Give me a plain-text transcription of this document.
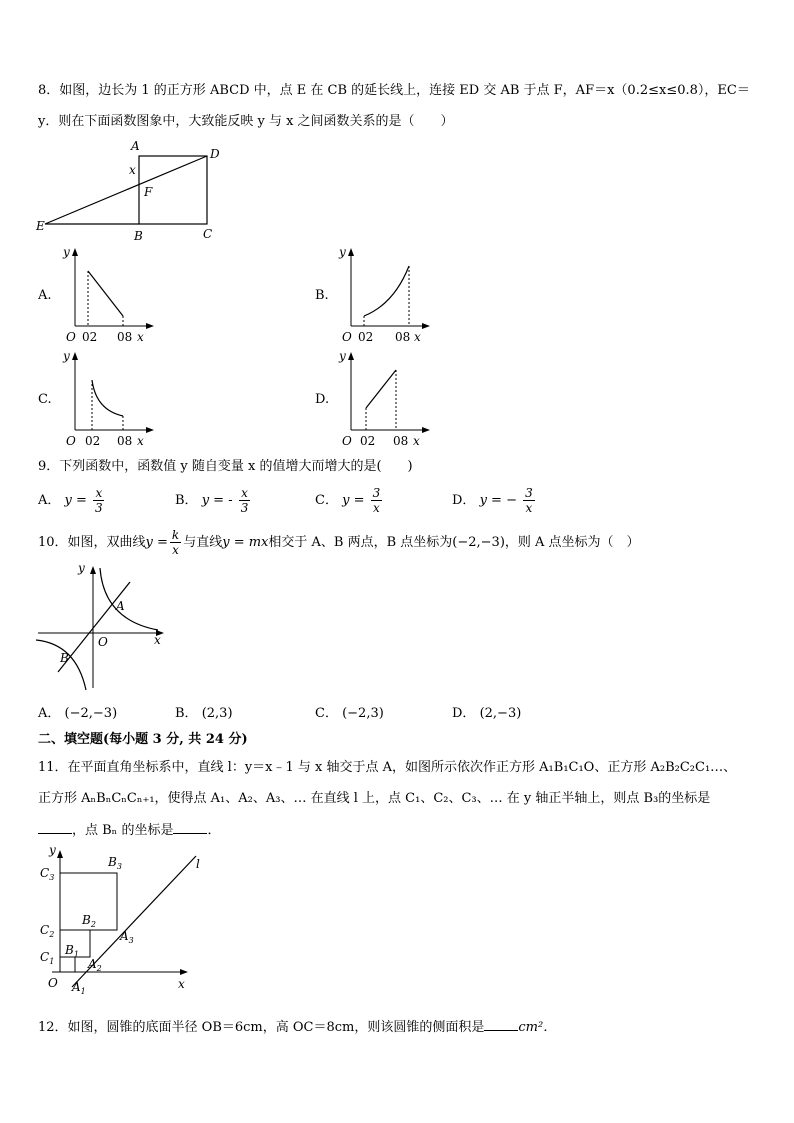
8．如图，边长为 1 的正方形 ABCD 中，点 E 在 CB 的延长线上，连接 ED 交 AB 于点 F，AF＝x（0.2≤x≤0.8），EC＝
y．则在下面函数图象中，大致能反映 y 与 x 之间函数关系的是（　　）
A
D
x
F
E
B	C
A.	B.
C.	D.
y
O 02 08 x
y
O 02 08 x
y
O 02 08 x
y
O 02 08 x
9．下列函数中，函数值 y 随自变量 x 的值增大而增大的是(　　)
A． $y = \frac{x}{3}$	B． y = - $\frac{x}{3}$	C． $y = \frac{3}{x}$	D． y = − $\frac{3}{x}$
10．如图，双曲线$y = \frac{k}{x}$ 与直线y = mx相交于 A、B 两点，B 点坐标为(−2,−3)，则 A 点坐标为（　）
y
x
O
A
B
A． (−2,−3)	B． (2,3)	C． (−2,3)	D． (2,−3)
二、填空题(每小题 3 分, 共 24 分)
11．在平面直角坐标系中，直线 l：y＝x﹣1 与 x 轴交于点 A，如图所示依次作正方形 A₁B₁C₁O、正方形 A₂B₂C₂C₁…、
正方形 AₙBₙCₙCₙ₊₁，使得点 A₁、A₂、A₃、… 在直线 l 上，点 C₁、C₂、C₃、… 在 y 轴正半轴上，则点 B₃的坐标是
，点 Bₙ 的坐标是	．
y
x
O
l
$C_3$
$C_2$
$C_1$
$B_3$
$B_2$
$B_1$
$A_3$
$A_2$
$A_1$
12．如图，圆锥的底面半径 OB＝6cm，高 OC＝8cm，则该圆锥的侧面积是	cm²．
